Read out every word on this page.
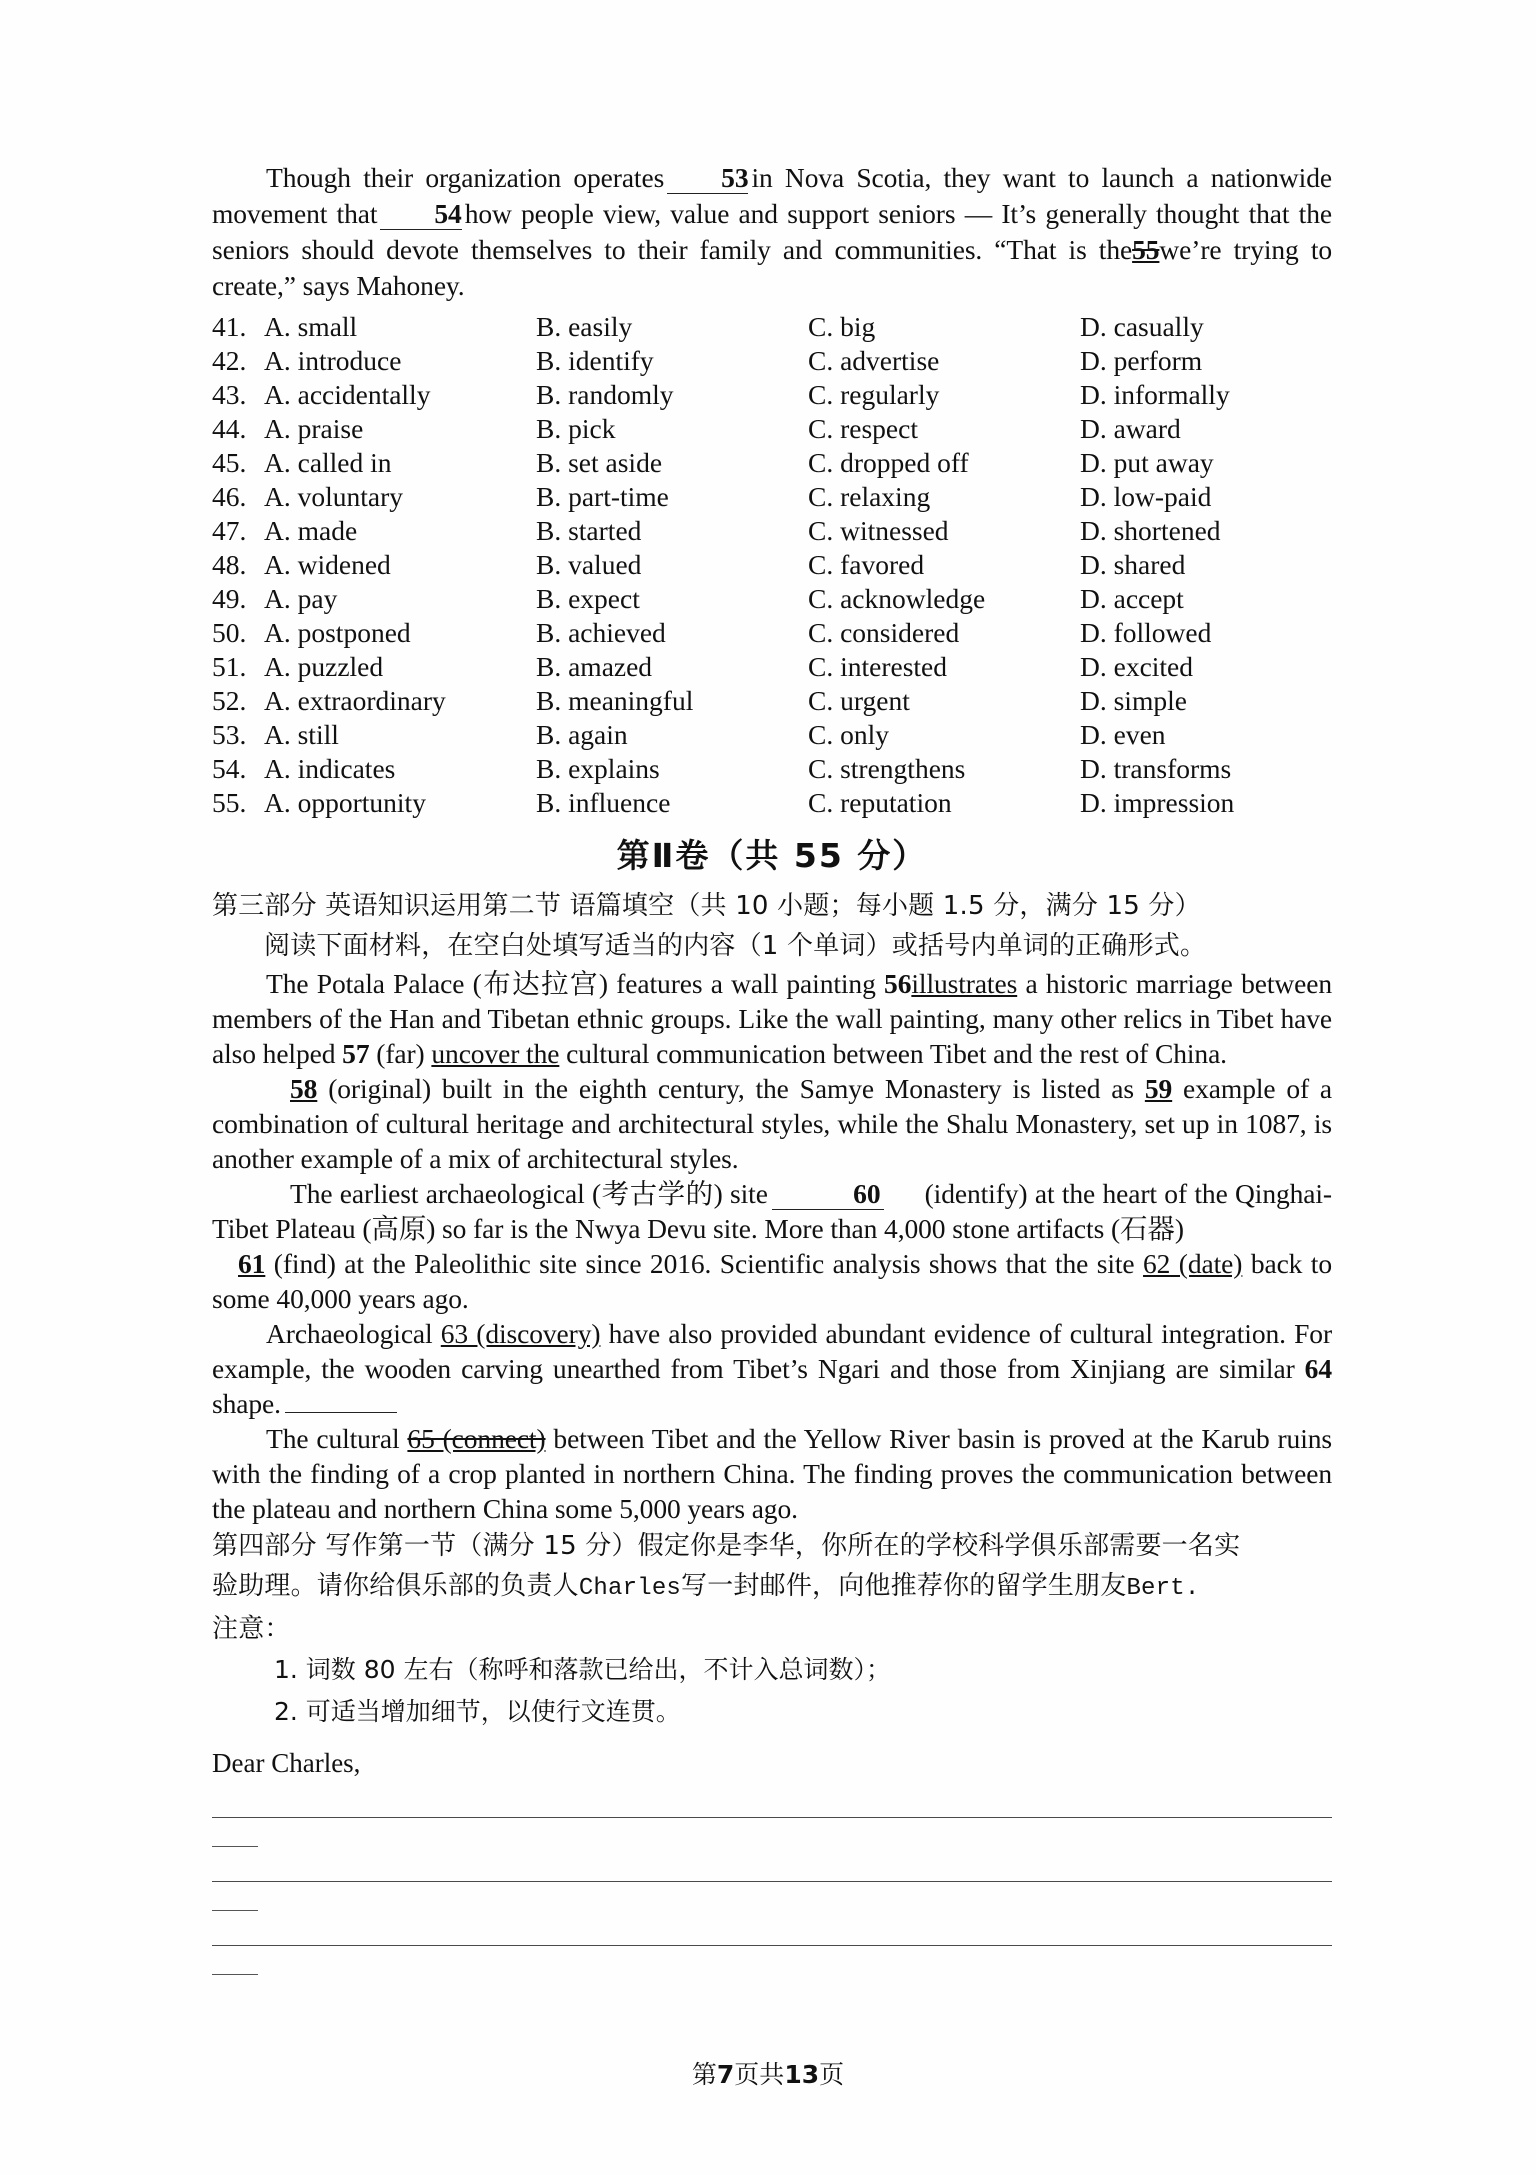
Though their organization operates 53 in Nova Scotia, they want to launch a nationwide movement that 54 how people view, value and support seniors — It’s generally thought that the seniors should devote themselves to their family and communities. “That is the55we’re trying to create,” says Mahoney.

41. A. small	B. easily	C. big	D. casually
42. A. introduce	B. identify	C. advertise	D. perform
43. A. accidentally	B. randomly	C. regularly	D. informally
44. A. praise	B. pick	C. respect	D. award
45. A. called in	B. set aside	C. dropped off	D. put away
46. A. voluntary	B. part-time	C. relaxing	D. low-paid
47. A. made	B. started	C. witnessed	D. shortened
48. A. widened	B. valued	C. favored	D. shared
49. A. pay	B. expect	C. acknowledge	D. accept
50. A. postponed	B. achieved	C. considered	D. followed
51. A. puzzled	B. amazed	C. interested	D. excited
52. A. extraordinary	B. meaningful	C. urgent	D. simple
53. A. still	B. again	C. only	D. even
54. A. indicates	B. explains	C. strengthens	D. transforms
55. A. opportunity	B. influence	C. reputation	D. impression
第Ⅱ卷（共 55 分）
第三部分 英语知识运用第二节 语篇填空（共 10 小题；每小题 1.5 分，满分 15 分）
阅读下面材料，在空白处填写适当的内容（1 个单词）或括号内单词的正确形式。

The Potala Palace (布达拉宫) features a wall painting 56illustrates a historic marriage between members of the Han and Tibetan ethnic groups. Like the wall painting, many other relics in Tibet have also helped 57 (far) uncover the cultural communication between Tibet and the rest of China.

58 (original) built in the eighth century, the Samye Monastery is listed as 59 example of a combination of cultural heritage and architectural styles, while the Shalu Monastery, set up in 1087, is another example of a mix of architectural styles.

The earliest archaeological (考古学的) site	60 (identify) at the heart of the Qinghai-Tibet Plateau (高原) so far is the Nwya Devu site. More than 4,000 stone artifacts (石器)

61 (find) at the Paleolithic site since 2016. Scientific analysis shows that the site 62 (date) back to some 40,000 years ago.

Archaeological 63 (discovery) have also provided abundant evidence of cultural integration. For example, the wooden carving unearthed from Tibet’s Ngari and those from Xinjiang are similar 64 shape.

The cultural 65 (connect) between Tibet and the Yellow River basin is proved at the Karub ruins with the finding of a crop planted in northern China. The finding proves the communication between the plateau and northern China some 5,000 years ago.

第四部分 写作第一节（满分 15 分）假定你是李华，你所在的学校科学俱乐部需要一名实
验助理。请你给俱乐部的负责人Charles写一封邮件，向他推荐你的留学生朋友Bert.
注意：
1. 词数 80 左右（称呼和落款已给出，不计入总词数）；
2. 可适当增加细节，以使行文连贯。
Dear Charles,
第7页共13页
